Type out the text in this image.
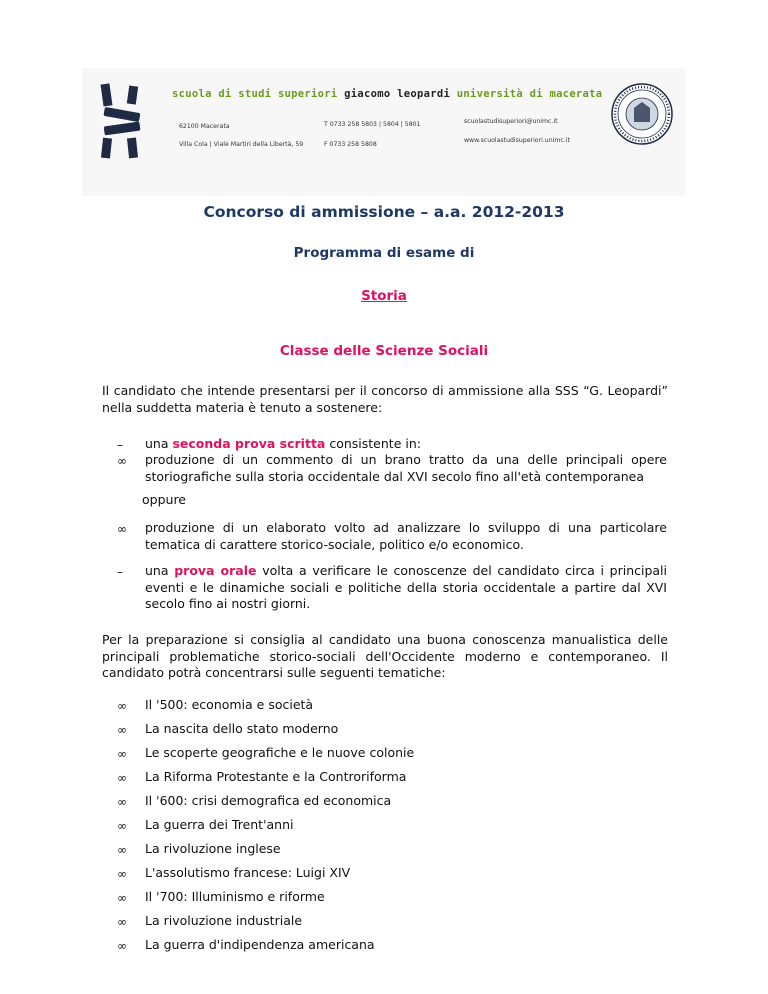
scuola di studi superiori giacomo leopardi università di macerata
62100 Macerata
Villa Cola | Viale Martiri della Libertà, 59
T 0733 258 5803 | 5804 | 5801
F 0733 258 5808
scuolastudisuperiori@unimc.it
www.scuolastudisuperiori.unimc.it
Concorso di ammissione – a.a. 2012-2013
Programma di esame di
Storia
Classe delle Scienze Sociali

Il candidato che intende presentarsi per il concorso di ammissione alla SSS “G. Leopardi” nella suddetta materia è tenuto a sostenere:

– una seconda prova scritta consistente in:
∞ produzione di un commento di un brano tratto da una delle principali opere storiografiche sulla storia occidentale dal XVI secolo fino all'età contemporanea
oppure
∞ produzione di un elaborato volto ad analizzare lo sviluppo di una particolare tematica di carattere storico-sociale, politico e/o economico.
– una prova orale volta a verificare le conoscenze del candidato circa i principali eventi e le dinamiche sociali e politiche della storia occidentale a partire dal XVI secolo fino ai nostri giorni.

Per la preparazione si consiglia al candidato una buona conoscenza manualistica delle principali problematiche storico-sociali dell'Occidente moderno e contemporaneo. Il candidato potrà concentrarsi sulle seguenti tematiche:

∞ Il '500: economia e società
∞ La nascita dello stato moderno
∞ Le scoperte geografiche e le nuove colonie
∞ La Riforma Protestante e la Controriforma
∞ Il '600: crisi demografica ed economica
∞ La guerra dei Trent'anni
∞ La rivoluzione inglese
∞ L'assolutismo francese: Luigi XIV
∞ Il '700: Illuminismo e riforme
∞ La rivoluzione industriale
∞ La guerra d'indipendenza americana
